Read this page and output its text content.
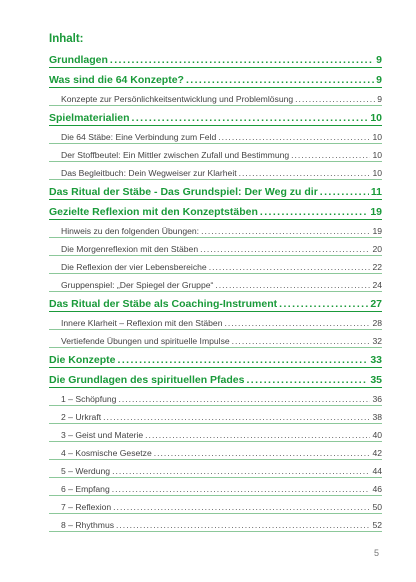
Inhalt:
Grundlagen .....	9
Was sind die 64 Konzepte? .....	9
Konzepte zur Persönlichkeitsentwicklung und Problemlösung .....	9
Spielmaterialien .....	10
Die 64 Stäbe: Eine Verbindung zum Feld .....	10
Der Stoffbeutel: Ein Mittler zwischen Zufall und Bestimmung .....	10
Das Begleitbuch: Dein Wegweiser zur Klarheit .....	10
Das Ritual der Stäbe - Das Grundspiel: Der Weg zu dir .....	11
Gezielte Reflexion mit den Konzeptstäben .....	19
Hinweis zu den folgenden Übungen: .....	19
Die Morgenreflexion mit den Stäben .....	20
Die Reflexion der vier Lebensbereiche .....	22
Gruppenspiel: „Der Spiegel der Gruppe“ .....	24
Das Ritual der Stäbe als Coaching-Instrument .....	27
Innere Klarheit – Reflexion mit den Stäben .....	28
Vertiefende Übungen und spirituelle Impulse .....	32
Die Konzepte .....	33
Die Grundlagen des spirituellen Pfades .....	35
1 – Schöpfung .....	36
2 – Urkraft .....	38
3 – Geist und Materie .....	40
4 – Kosmische Gesetze .....	42
5 – Werdung .....	44
6 – Empfang .....	46
7 – Reflexion .....	50
8 – Rhythmus .....	52
5
